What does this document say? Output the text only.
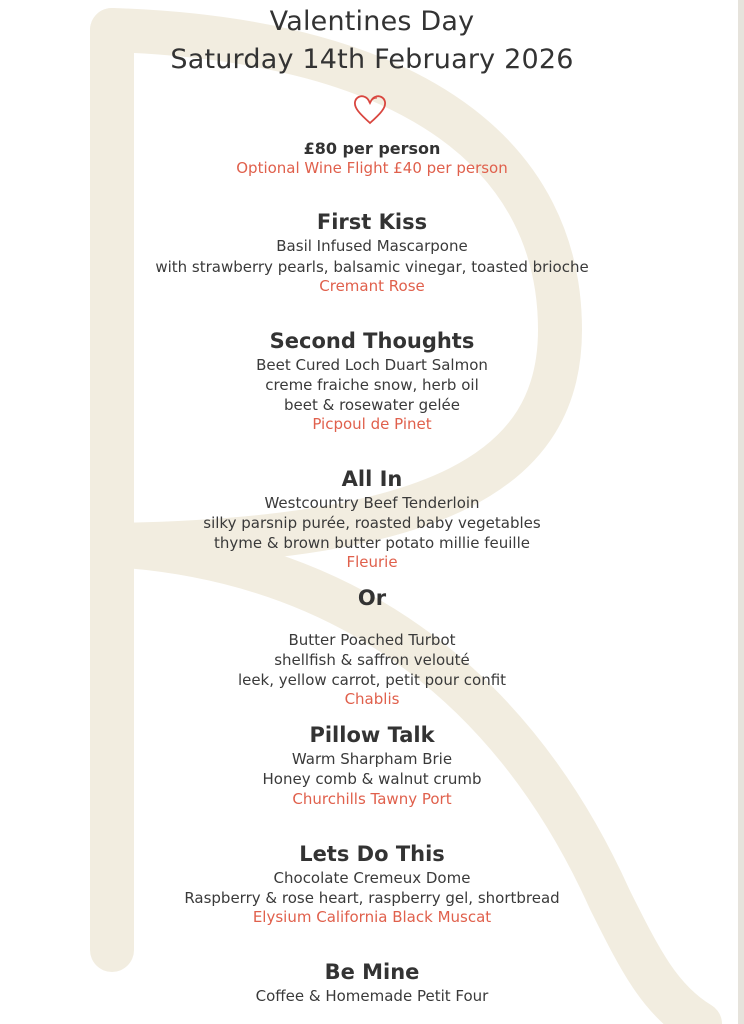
Valentines Day
Saturday 14th February 2026
£80 per person
Optional Wine Flight £40 per person
First Kiss
Basil Infused Mascarpone
with strawberry pearls, balsamic vinegar, toasted brioche
Cremant Rose
Second Thoughts
Beet Cured Loch Duart Salmon
creme fraiche snow, herb oil
beet & rosewater gelée
Picpoul de Pinet
All In
Westcountry Beef Tenderloin
silky parsnip purée, roasted baby vegetables
thyme & brown butter potato millie feuille
Fleurie
Or
Butter Poached Turbot
shellfish & saffron velouté
leek, yellow carrot, petit pour confit
Chablis
Pillow Talk
Warm Sharpham Brie
Honey comb & walnut crumb
Churchills Tawny Port
Lets Do This
Chocolate Cremeux Dome
Raspberry & rose heart, raspberry gel, shortbread
Elysium California Black Muscat
Be Mine
Coffee & Homemade Petit Four
